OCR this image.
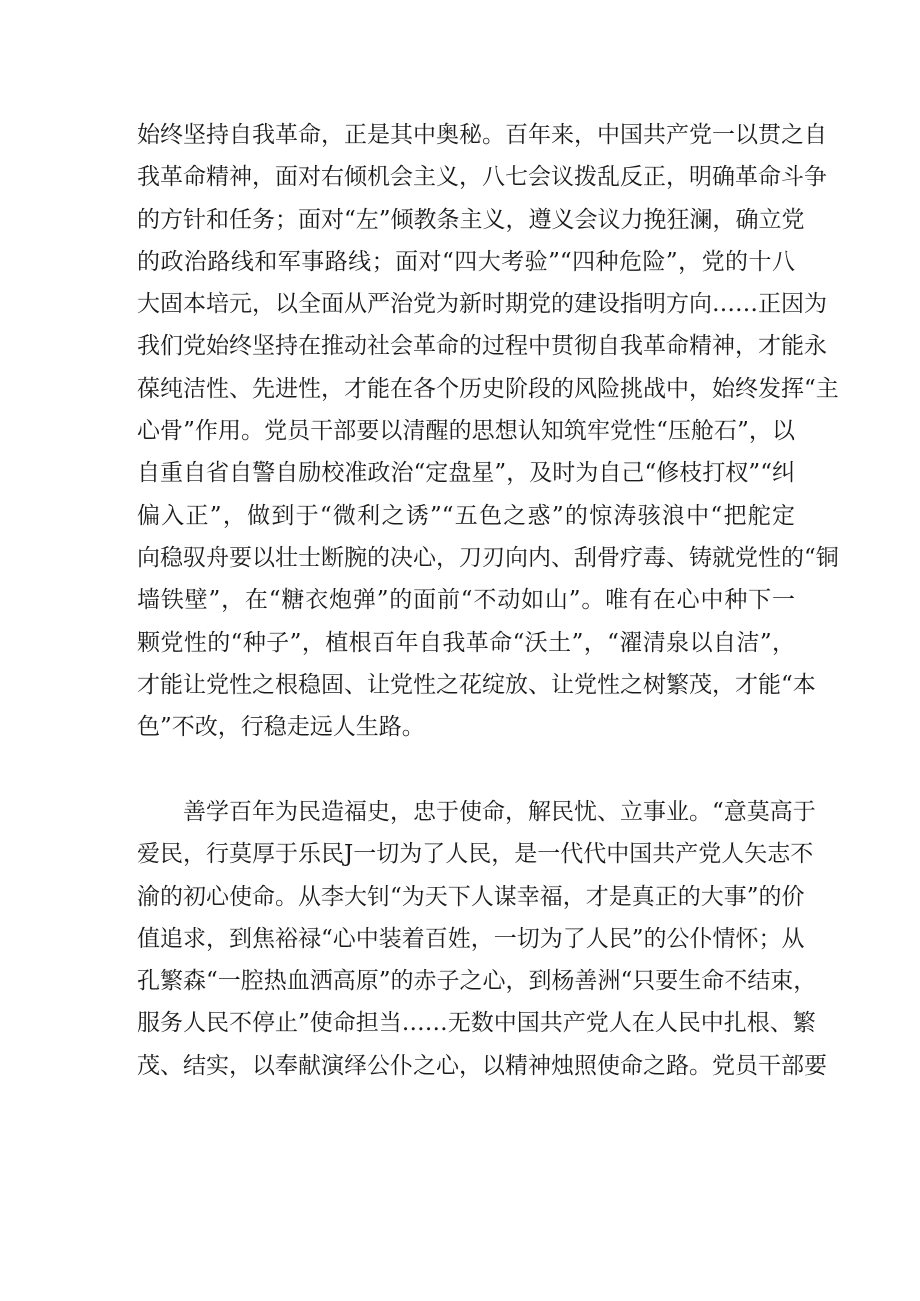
始终坚持自我革命，正是其中奥秘。百年来，中国共产党一以贯之自
我革命精神，面对右倾机会主义，八七会议拨乱反正，明确革命斗争
的方针和任务；面对“左”倾教条主义，遵义会议力挽狂澜，确立党
的政治路线和军事路线；面对“四大考验”“四种危险”，党的十八
大固本培元，以全面从严治党为新时期党的建设指明方向……正因为
我们党始终坚持在推动社会革命的过程中贯彻自我革命精神，才能永
葆纯洁性、先进性，才能在各个历史阶段的风险挑战中，始终发挥“主
心骨”作用。党员干部要以清醒的思想认知筑牢党性“压舱石”，以
自重自省自警自励校准政治“定盘星”，及时为自己“修枝打杈”“纠
偏入正”，做到于“微利之诱”“五色之惑”的惊涛骇浪中“把舵定
向稳驭舟要以壮士断腕的决心，刀刃向内、刮骨疗毒、铸就党性的“铜
墙铁壁”，在“糖衣炮弹”的面前“不动如山”。唯有在心中种下一
颗党性的“种子”，植根百年自我革命“沃土”，“濯清泉以自洁”，
才能让党性之根稳固、让党性之花绽放、让党性之树繁茂，才能“本
色”不改，行稳走远人生路。
善学百年为民造福史，忠于使命，解民忧、立事业。“意莫高于
爱民，行莫厚于乐民J一切为了人民，是一代代中国共产党人矢志不
渝的初心使命。从李大钊“为天下人谋幸福，才是真正的大事”的价
值追求，到焦裕禄“心中装着百姓，一切为了人民”的公仆情怀；从
孔繁森“一腔热血洒高原”的赤子之心，到杨善洲“只要生命不结束，
服务人民不停止”使命担当……无数中国共产党人在人民中扎根、繁
茂、结实，以奉献演绎公仆之心，以精神烛照使命之路。党员干部要
